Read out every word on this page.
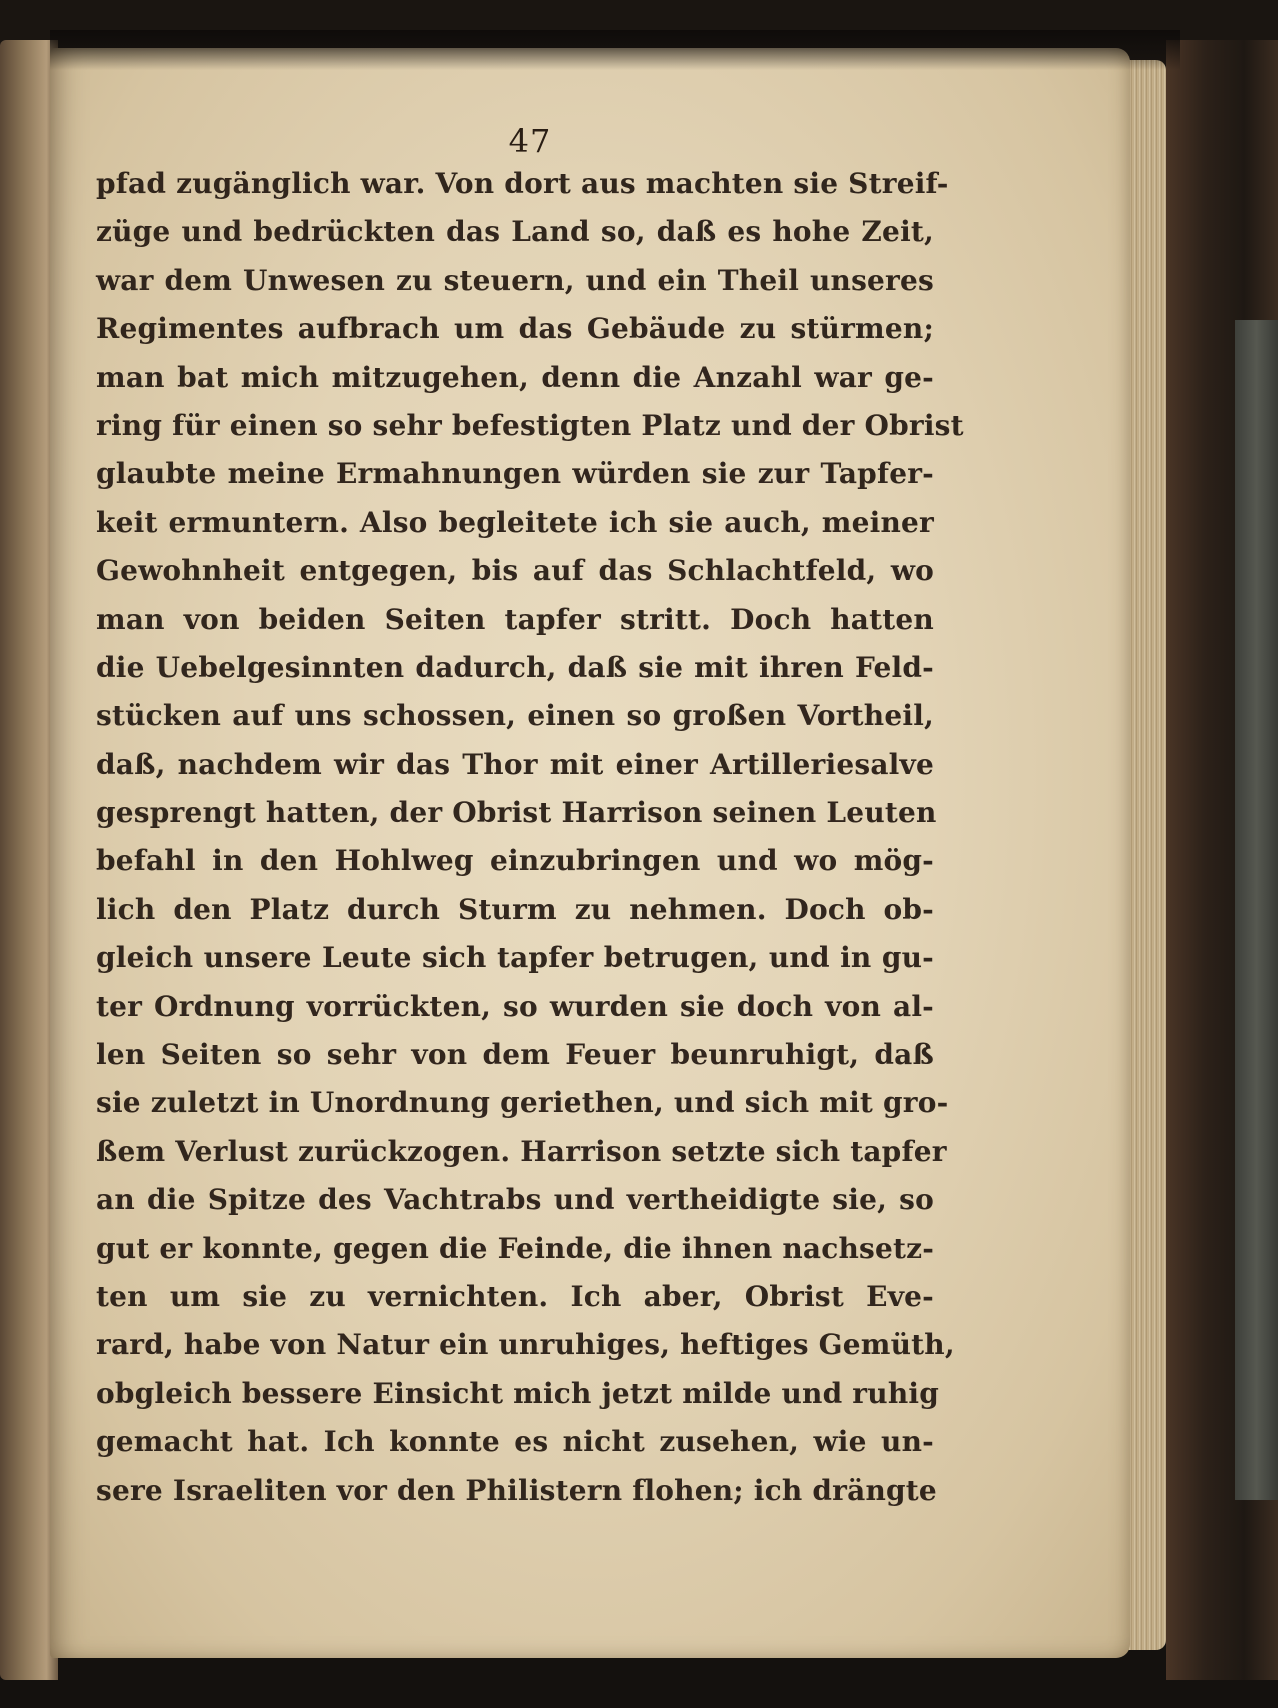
47
pfad zugänglich war. Von dort aus machten sie Streif-
züge und bedrückten das Land so, daß es hohe Zeit,
war dem Unwesen zu steuern, und ein Theil unseres
Regimentes aufbrach um das Gebäude zu stürmen;
man bat mich mitzugehen, denn die Anzahl war ge-
ring für einen so sehr befestigten Platz und der Obrist
glaubte meine Ermahnungen würden sie zur Tapfer-
keit ermuntern. Also begleitete ich sie auch, meiner
Gewohnheit entgegen, bis auf das Schlachtfeld, wo
man von beiden Seiten tapfer stritt. Doch hatten
die Uebelgesinnten dadurch, daß sie mit ihren Feld-
stücken auf uns schossen, einen so großen Vortheil,
daß, nachdem wir das Thor mit einer Artilleriesalve
gesprengt hatten, der Obrist Harrison seinen Leuten
befahl in den Hohlweg einzubringen und wo mög-
lich den Platz durch Sturm zu nehmen. Doch ob-
gleich unsere Leute sich tapfer betrugen, und in gu-
ter Ordnung vorrückten, so wurden sie doch von al-
len Seiten so sehr von dem Feuer beunruhigt, daß
sie zuletzt in Unordnung geriethen, und sich mit gro-
ßem Verlust zurückzogen. Harrison setzte sich tapfer
an die Spitze des Vachtrabs und vertheidigte sie, so
gut er konnte, gegen die Feinde, die ihnen nachsetz-
ten um sie zu vernichten. Ich aber, Obrist Eve-
rard, habe von Natur ein unruhiges, heftiges Gemüth,
obgleich bessere Einsicht mich jetzt milde und ruhig
gemacht hat. Ich konnte es nicht zusehen, wie un-
sere Israeliten vor den Philistern flohen; ich drängte
